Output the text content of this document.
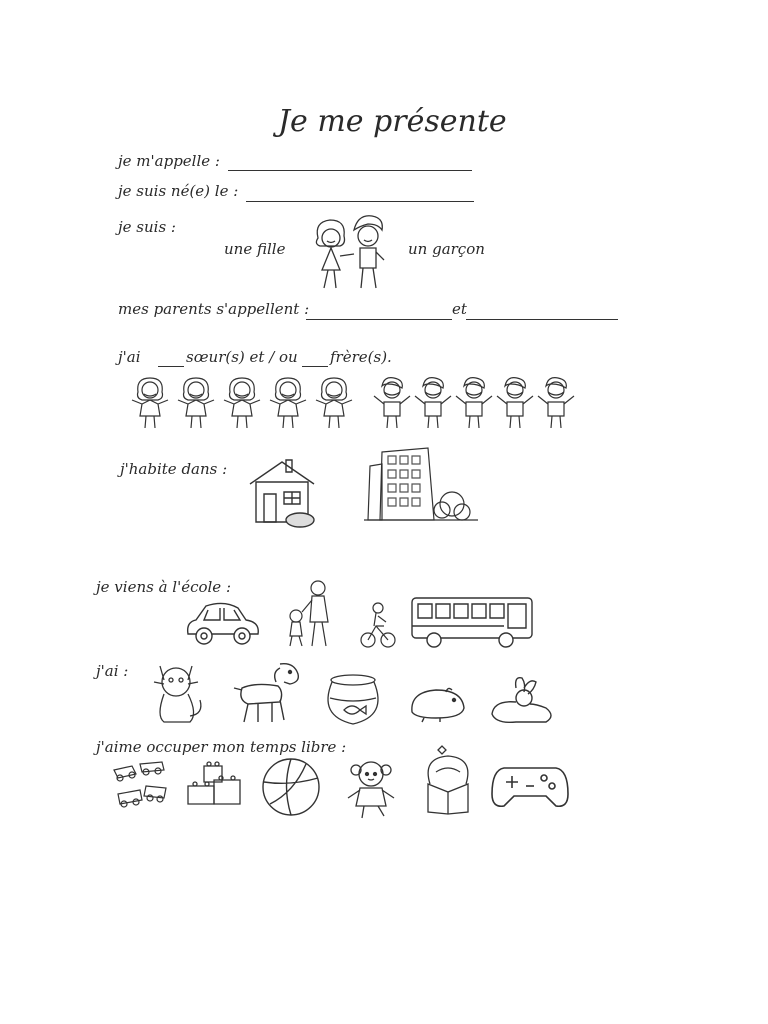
Je me présente
je m'appelle :
je suis né(e) le :
je suis :
une fille	un garçon
mes parents s'appellent :	et
j'ai	sœur(s) et / ou frère(s).
j'habite dans :
je viens à l'école :
j'ai :
j'aime occuper mon temps libre :
